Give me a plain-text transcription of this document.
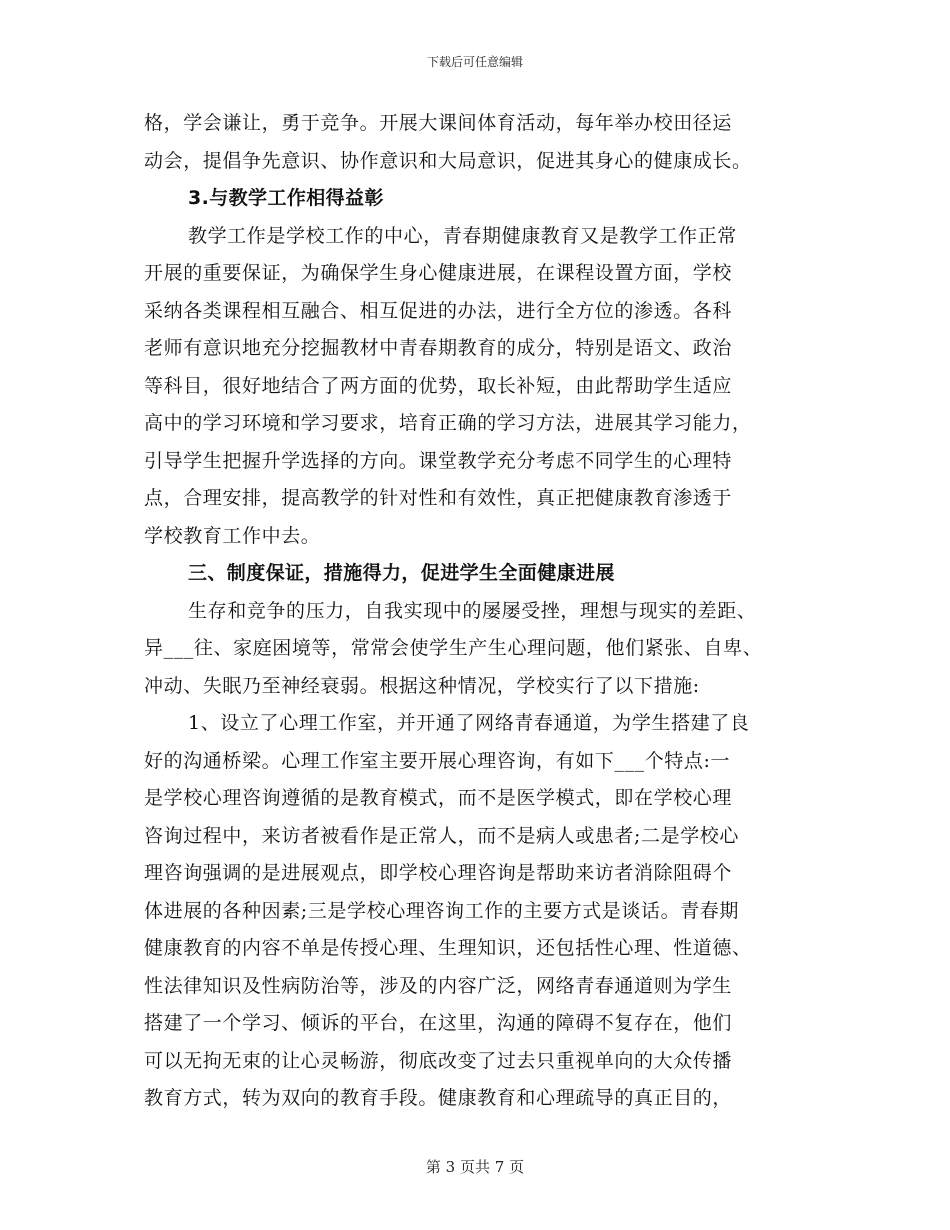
下载后可任意编辑
格，学会谦让，勇于竞争。开展大课间体育活动，每年举办校田径运
动会，提倡争先意识、协作意识和大局意识，促进其身心的健康成长。
3.与教学工作相得益彰
教学工作是学校工作的中心，青春期健康教育又是教学工作正常
开展的重要保证，为确保学生身心健康进展，在课程设置方面，学校
采纳各类课程相互融合、相互促进的办法，进行全方位的渗透。各科
老师有意识地充分挖掘教材中青春期教育的成分，特别是语文、政治
等科目，很好地结合了两方面的优势，取长补短，由此帮助学生适应
高中的学习环境和学习要求，培育正确的学习方法，进展其学习能力，
引导学生把握升学选择的方向。课堂教学充分考虑不同学生的心理特
点，合理安排，提高教学的针对性和有效性，真正把健康教育渗透于
学校教育工作中去。
三、制度保证，措施得力，促进学生全面健康进展
生存和竞争的压力，自我实现中的屡屡受挫，理想与现实的差距、
异___往、家庭困境等，常常会使学生产生心理问题，他们紧张、自卑、
冲动、失眠乃至神经衰弱。根据这种情况，学校实行了以下措施:
1、设立了心理工作室，并开通了网络青春通道，为学生搭建了良
好的沟通桥梁。心理工作室主要开展心理咨询，有如下___个特点:一
是学校心理咨询遵循的是教育模式，而不是医学模式，即在学校心理
咨询过程中，来访者被看作是正常人，而不是病人或患者;二是学校心
理咨询强调的是进展观点，即学校心理咨询是帮助来访者消除阻碍个
体进展的各种因素;三是学校心理咨询工作的主要方式是谈话。青春期
健康教育的内容不单是传授心理、生理知识，还包括性心理、性道德、
性法律知识及性病防治等，涉及的内容广泛，网络青春通道则为学生
搭建了一个学习、倾诉的平台，在这里，沟通的障碍不复存在，他们
可以无拘无束的让心灵畅游，彻底改变了过去只重视单向的大众传播
教育方式，转为双向的教育手段。健康教育和心理疏导的真正目的，
第 3 页共 7 页
